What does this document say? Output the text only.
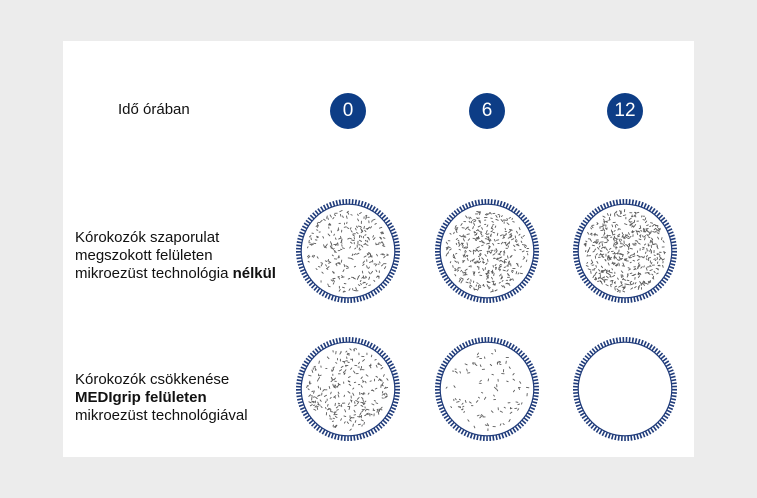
Idő órában	0	6	12
Kórokozók szaporulat
megszokott felületen
mikroezüst technológia nélkül
Kórokozók csökkenése
MEDIgrip felületen
mikroezüst technológiával
